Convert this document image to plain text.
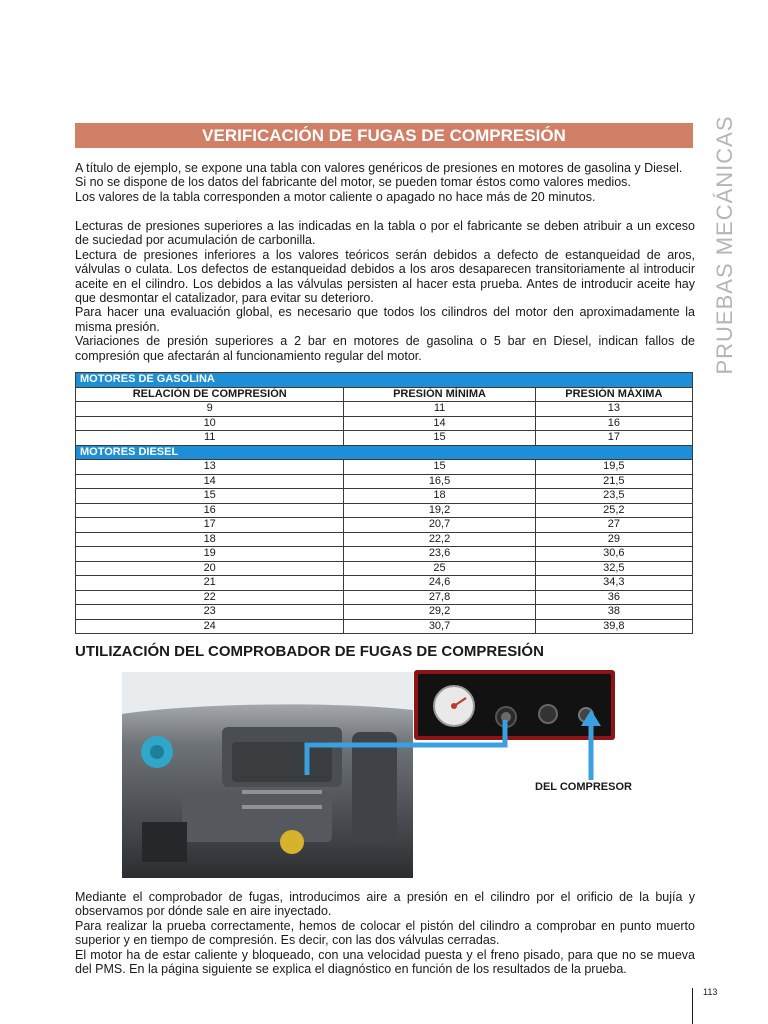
PRUEBAS MECÁNICAS
VERIFICACIÓN DE FUGAS DE COMPRESIÓN

A título de ejemplo, se expone una tabla con valores genéricos de presiones en motores de gasolina y Diesel.

Si no se dispone de los datos del fabricante del motor, se pueden tomar éstos como valores medios.

Los valores de la tabla corresponden a motor caliente o apagado no hace más de 20 minutos.

Lecturas de presiones superiores a las indicadas en la tabla o por el fabricante se deben atribuir a un exceso de suciedad por acumulación de carbonilla.

Lectura de presiones inferiores a los valores teóricos serán debidos a defecto de estanqueidad de aros, válvulas o culata. Los defectos de estanqueidad debidos a los aros desaparecen transitoriamente al introducir aceite en el cilindro. Los debidos a las válvulas persisten al hacer esta prueba. Antes de introducir aceite hay que desmontar el catalizador, para evitar su deterioro.

Para hacer una evaluación global, es necesario que todos los cilindros del motor den aproximadamente la misma presión.

Variaciones de presión superiores a 2 bar en motores de gasolina o 5 bar en Diesel, indican fallos de compresión que afectarán al funcionamiento regular del motor.

MOTORES DE GASOLINA		
RELACIÓN DE COMPRESIÓN	PRESIÓN MÍNIMA	PRESIÓN MÁXIMA
9	11	13
10	14	16
11	15	17
MOTORES DIESEL		
13	15	19,5
14	16,5	21,5
15	18	23,5
16	19,2	25,2
17	20,7	27
18	22,2	29
19	23,6	30,6
20	25	32,5
21	24,6	34,3
22	27,8	36
23	29,2	38
24	30,7	39,8
UTILIZACIÓN DEL COMPROBADOR DE FUGAS DE COMPRESIÓN
DEL COMPRESOR

Mediante el comprobador de fugas, introducimos aire a presión en el cilindro por el orificio de la bujía y observamos por dónde sale en aire inyectado.

Para realizar la prueba correctamente, hemos de colocar el pistón del cilindro a comprobar en punto muerto superior y en tiempo de compresión. Es decir, con las dos válvulas cerradas.

El motor ha de estar caliente y bloqueado, con una velocidad puesta y el freno pisado, para que no se mueva del PMS. En la página siguiente se explica el diagnóstico en función de los resultados de la prueba.

113
